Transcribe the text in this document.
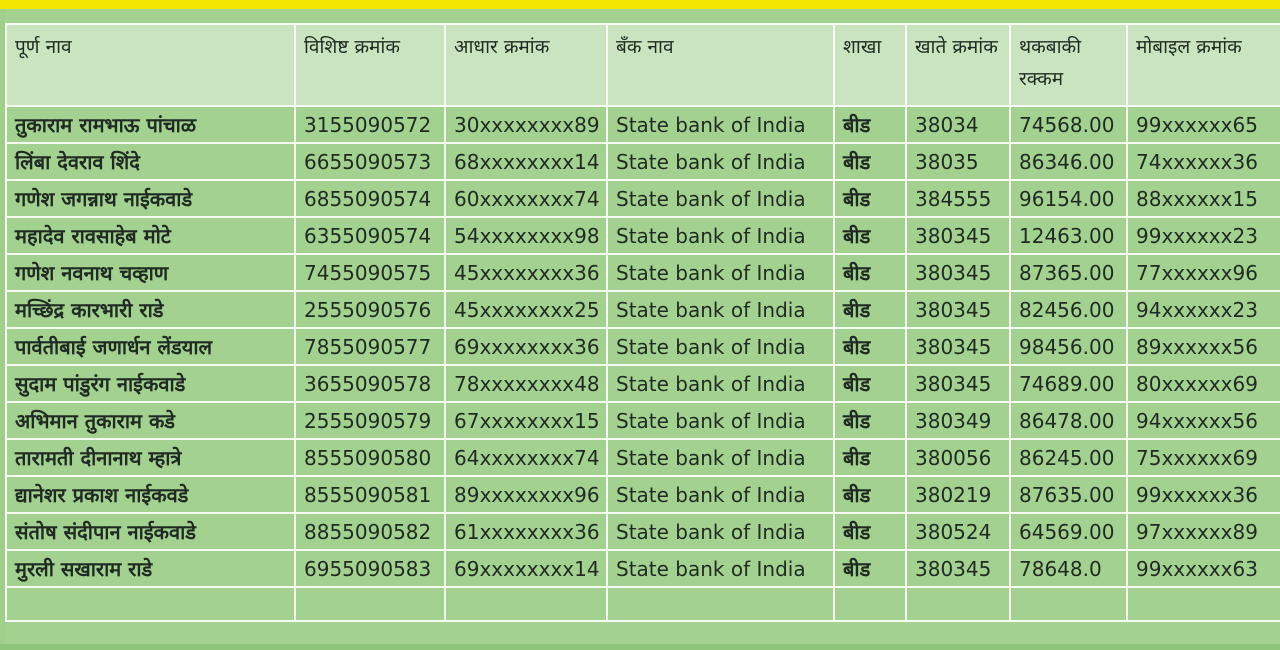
पूर्ण नाव	विशिष्ट क्रमांक	आधार क्रमांक	बँक नाव	शाखा	खाते क्रमांक	थकबाकी रक्कम	मोबाइल क्रमांक
तुकाराम रामभाऊ पांचाळ	3155090572	30xxxxxxxx89	State bank of India	बीड	38034	74568.00	99xxxxxx65
लिंबा देवराव शिंदे	6655090573	68xxxxxxxx14	State bank of India	बीड	38035	86346.00	74xxxxxx36
गणेश जगन्नाथ नाईकवाडे	6855090574	60xxxxxxxx74	State bank of India	बीड	384555	96154.00	88xxxxxx15
महादेव रावसाहेब मोटे	6355090574	54xxxxxxxx98	State bank of India	बीड	380345	12463.00	99xxxxxx23
गणेश नवनाथ चव्हाण	7455090575	45xxxxxxxx36	State bank of India	बीड	380345	87365.00	77xxxxxx96
मच्छिंद्र कारभारी राडे	2555090576	45xxxxxxxx25	State bank of India	बीड	380345	82456.00	94xxxxxx23
पार्वतीबाई जणार्धन लेंडयाल	7855090577	69xxxxxxxx36	State bank of India	बीड	380345	98456.00	89xxxxxx56
सुदाम पांडुरंग नाईकवाडे	3655090578	78xxxxxxxx48	State bank of India	बीड	380345	74689.00	80xxxxxx69
अभिमान तुकाराम कडे	2555090579	67xxxxxxxx15	State bank of India	बीड	380349	86478.00	94xxxxxx56
तारामती दीनानाथ म्हात्रे	8555090580	64xxxxxxxx74	State bank of India	बीड	380056	86245.00	75xxxxxx69
द्यानेशर प्रकाश नाईकवडे	8555090581	89xxxxxxxx96	State bank of India	बीड	380219	87635.00	99xxxxxx36
संतोष संदीपान नाईकवाडे	8855090582	61xxxxxxxx36	State bank of India	बीड	380524	64569.00	97xxxxxx89
मुरली सखाराम राडे	6955090583	69xxxxxxxx14	State bank of India	बीड	380345	78648.0	99xxxxxx63
